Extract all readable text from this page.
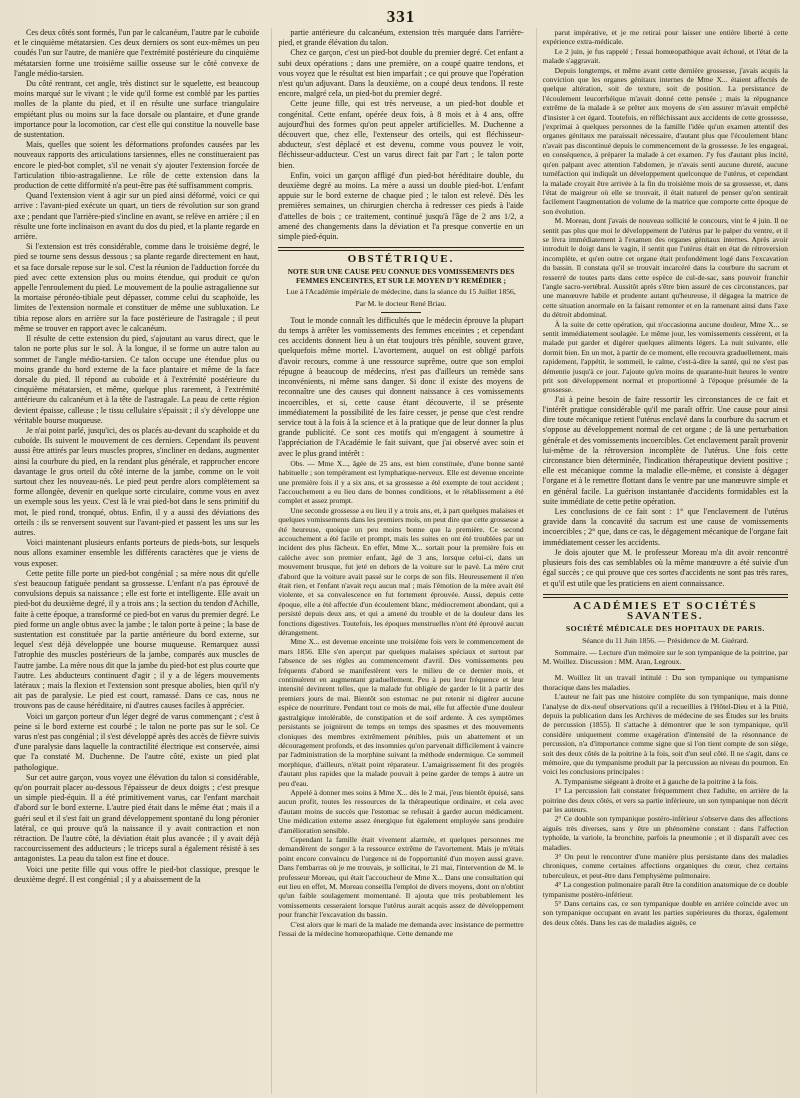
331

Ces deux côtés sont formés, l'un par le calcanéum, l'autre par le cuboïde et le cinquième métatarsien. Ces deux derniers os sont eux-mêmes un peu coudés l'un sur l'autre, de manière que l'extrémité postérieure du cinquième métatarsien forme une troisième saillie osseuse sur le côté convexe de l'angle médio-tarsien.

Du côté rentrant, cet angle, très distinct sur le squelette, est beaucoup moins marqué sur le vivant ; le vide qu'il forme est comblé par les parties molles de la plante du pied, et il en résulte une surface triangulaire empiétant plus ou moins sur la face dorsale ou plantaire, et d'une grande importance pour la locomotion, car c'est elle qui constitue la nouvelle base de sustentation.

Mais, quelles que soient les déformations profondes causées par les nouveaux rapports des articulations tarsiennes, elles ne constitueraient pas encore le pied-bot complet, s'il ne venait s'y ajouter l'extension forcée de l'articulation tibio-astragalienne. Le rôle de cette extension dans la production de cette difformité n'a peut-être pas été suffisamment compris.

Quand l'extension vient à agir sur un pied ainsi déformé, voici ce qui arrive : l'avant-pied exécute un quart, un tiers de révolution sur son grand axe ; pendant que l'arrière-pied s'incline en avant, se relève en arrière ; il en résulte une forte inclinaison en avant du dos du pied, et la plante regarde en arrière.

Si l'extension est très considérable, comme dans le troisième degré, le pied se tourne sens dessus dessous ; sa plante regarde directement en haut, et sa face dorsale repose sur le sol. C'est la réunion de l'adduction forcée du pied avec cette extension plus ou moins étendue, qui produit ce qu'on appelle l'enroulement du pied. Le mouvement de la poulie astragalienne sur la mortaise péronéo-tibiale peut dépasser, comme celui du scaphoïde, les limites de l'extension normale et constituer de même une subluxation. Le tibia repose alors en arrière sur la face postérieure de l'astragale ; il peut même se trouver en rapport avec le calcanéum.

Il résulte de cette extension du pied, s'ajoutant au varus direct, que le talon ne porte plus sur le sol. À la longue, il se forme un autre talon au sommet de l'angle médio-tarsien. Ce talon occupe une étendue plus ou moins grande du bord externe de la face plantaire et même de la face dorsale du pied. Il répond au cuboïde et à l'extrémité postérieure du cinquième métatarsien, et même, quelque plus rarement, à l'extrémité antérieure du calcanéum et à la tête de l'astragale. La peau de cette région devient épaisse, calleuse ; le tissu cellulaire s'épaissit ; il s'y développe une véritable bourse muqueuse.

Je n'ai point parlé, jusqu'ici, des os placés au-devant du scaphoïde et du cuboïde. Ils suivent le mouvement de ces derniers. Cependant ils peuvent aussi être attirés par leurs muscles propres, s'incliner en dedans, augmenter ainsi la courbure du pied, en la rendant plus générale, et rapprocher encore davantage le gros orteil du côté interne de la jambe, comme on le voit surtout chez les nouveau-nés. Le pied peut perdre alors complètement sa forme allongée, devenir en quelque sorte circulaire, comme vous en avez un exemple sous les yeux. C'est là le vrai pied-bot dans le sens primitif du mot, le pied rond, tronqué, obtus. Enfin, il y a aussi des déviations des orteils : ils se renversent souvent sur l'avant-pied et passent les uns sur les autres.

Voici maintenant plusieurs enfants porteurs de pieds-bots, sur lesquels nous allons examiner ensemble les différents caractères que je viens de vous exposer.

Cette petite fille porte un pied-bot congénial ; sa mère nous dit qu'elle s'est beaucoup fatiguée pendant sa grossesse. L'enfant n'a pas éprouvé de convulsions depuis sa naissance ; elle est forte et intelligente. Elle avait un pied-bot du deuxième degré, il y a trois ans ; la section du tendon d'Achille, faite à cette époque, a transformé ce pied-bot en varus du premier degré. Le pied forme un angle obtus avec la jambe ; le talon porte à peine ; la base de sustentation est constituée par la partie antérieure du bord externe, sur lequel s'est déjà développée une bourse muqueuse. Remarquez aussi l'atrophie des muscles postérieurs de la jambe, comparés aux muscles de l'autre jambe. La mère nous dit que la jambe du pied-bot est plus courte que l'autre. Les abducteurs continuent d'agir ; il y a de légers mouvements latéraux ; mais la flexion et l'extension sont presque abolies, bien qu'il n'y ait pas de paralysie. Le pied est court, ramassé. Dans ce cas, nous ne trouvons pas de cause héréditaire, ni d'autres causes faciles à apprécier.

Voici un garçon porteur d'un léger degré de varus commençant ; c'est à peine si le bord externe est courbé ; le talon ne porte pas sur le sol. Ce varus n'est pas congénial ; il s'est développé après des accès de fièvre suivis d'une paralysie dans laquelle la contractilité électrique est conservée, ainsi que l'a constaté M. Duchenne. De l'autre côté, existe un pied plat pathologique.

Sur cet autre garçon, vous voyez une élévation du talon si considérable, qu'on pourrait placer au-dessous l'épaisseur de deux doigts ; c'est presque un simple pied-équin. Il a été primitivement varus, car l'enfant marchait d'abord sur le bord externe. L'autre pied était dans le même état ; mais il a guéri seul et il s'est fait un grand développement spontané du long péronier latéral, ce qui prouve qu'à la naissance il y avait contraction et non rétraction. De l'autre côté, la déviation était plus avancée ; il y avait déjà raccourcissement des adducteurs ; le triceps sural a également résisté à ses antagonistes. La peau du talon est fine et douce.

Voici une petite fille qui vous offre le pied-bot classique, presque le deuxième degré. Il est congénial ; il y a abaissement de la

partie antérieure du calcanéum, extension très marquée dans l'arrière-pied, et grande élévation du talon.

Chez ce garçon, c'est un pied-bot double du premier degré. Cet enfant a subi deux opérations ; dans une première, on a coupé quatre tendons, et vous voyez que le résultat est bien imparfait ; ce qui prouve que l'opération n'est qu'un adjuvant. Dans la deuxième, on a coupé deux tendons. Il reste encore, malgré cela, un pied-bot du premier degré.

Cette jeune fille, qui est très nerveuse, a un pied-bot double et congénital. Cette enfant, opérée deux fois, à 8 mois et à 4 ans, offre aujourd'hui des formes qu'on peut appeler artificielles. M. Duchenne a découvert que, chez elle, l'extenseur des orteils, qui est fléchisseur-abducteur, s'est déplacé et est devenu, comme vous pouvez le voir, fléchisseur-adducteur. C'est un varus direct fait par l'art ; le talon porte bien.

Enfin, voici un garçon affligé d'un pied-bot héréditaire double, du deuxième degré au moins. La mère a aussi un double pied-bot. L'enfant appuie sur le bord externe de chaque pied ; le talon est relevé. Dès les premières semaines, un chirurgien chercha à redresser ces pieds à l'aide d'attelles de bois ; ce traitement, continué jusqu'à l'âge de 2 ans 1/2, a amené des changements dans la déviation et l'a presque convertie en un simple pied-équin.

OBSTÉTRIQUE.
NOTE SUR UNE CAUSE PEU CONNUE DES VOMISSEMENTS DES FEMMES ENCEINTES, ET SUR LE MOYEN D'Y REMÉDIER ;
Lue à l'Académie impériale de médecine, dans la séance du 15 Juillet 1856,
Par M. le docteur René Briau.

Tout le monde connaît les difficultés que le médecin éprouve la plupart du temps à arrêter les vomissements des femmes enceintes ; et cependant ces accidents donnent lieu à un état toujours très pénible, souvent grave, quelquefois même mortel. L'avortement, auquel on est obligé parfois d'avoir recours, comme à une ressource suprême, outre que son emploi répugne à beaucoup de médecins, n'est pas d'ailleurs un remède sans inconvénients, ni même sans danger. Si donc il existe des moyens de reconnaître une des causes qui donnent naissance à ces vomissements incoercibles, et si, cette cause étant découverte, il se présente immédiatement la possibilité de les faire cesser, je pense que c'est rendre service tout à la fois à la science et à la pratique que de leur donner la plus grande publicité. Ce sont ces motifs qui m'engagent à soumettre à l'appréciation de l'Académie le fait suivant, que j'ai observé avec soin et avec le plus grand intérêt :

Obs. — Mme X..., âgée de 25 ans, est bien constituée, d'une bonne santé habituelle ; son tempérament est lymphatique-nerveux. Elle est devenue enceinte une première fois il y a six ans, et sa grossesse a été exempte de tout accident ; l'accouchement a eu lieu dans de bonnes conditions, et le rétablissement a été complet et assez prompt.

Une seconde grossesse a eu lieu il y a trois ans, et, à part quelques malaises et quelques vomissements dans les premiers mois, on peut dire que cette grossesse a été heureuse, quoique un peu moins bonne que la première. Ce second accouchement a été facile et prompt, mais les suites en ont été troublées par un incident des plus fâcheux. En effet, Mme X... sortait pour la première fois en calèche avec son premier enfant, âgé de 3 ans, lorsque celui-ci, dans un mouvement brusque, fut jeté en dehors de la voiture sur le pavé. La mère crut d'abord que la voiture avait passé sur le corps de son fils. Heureusement il n'en était rien, et l'enfant n'avait reçu aucun mal ; mais l'émotion de la mère avait été violente, et sa convalescence en fut fortement éprouvée. Aussi, depuis cette époque, elle a été affectée d'un écoulement blanc, médiocrement abondant, qui a persisté depuis deux ans, et qui a amené du trouble et de la douleur dans les fonctions digestives. Toutefois, les époques menstruelles n'ont été éprouvé aucun dérangement.

Mme X... est devenue enceinte une troisième fois vers le commencement de mars 1856. Elle s'en aperçut par quelques malaises spéciaux et surtout par l'absence de ses règles au commencement d'avril. Des vomissements peu fréquents d'abord se manifestèrent vers le milieu de ce dernier mois, et continuèrent en augmentant graduellement. Peu à peu leur fréquence et leur intensité devinrent telles, que la malade fut obligée de garder le lit à partir des premiers jours de mai. Bientôt son estomac ne put retenir ni digérer aucune espèce de nourriture. Pendant tout ce mois de mai, elle fut affectée d'une douleur gastralgique intolérable, de constipation et de soif ardente. À ces symptômes persistants se joignirent de temps en temps des spasmes et des mouvements cloniques des membres extrêmement pénibles, puis un abattement et un découragement profonds, et des insomnies qu'on parvenait difficilement à vaincre par l'administration de la morphine suivant la méthode endermique. Ce sommeil morphique, d'ailleurs, n'était point réparateur. L'amaigrissement fit des progrès d'autant plus rapides que la malade pouvait à peine garder de temps à autre un peu d'eau.

Appelé à donner mes soins à Mme X... dès le 2 mai, j'eus bientôt épuisé, sans aucun profit, toutes les ressources de la thérapeutique ordinaire, et cela avec d'autant moins de succès que l'estomac se refusait à garder aucun médicament. Une médication externe assez énergique fut également employée sans produire d'amélioration sensible.

Cependant la famille était vivement alarmée, et quelques personnes me demandèrent de songer à la ressource extrême de l'avortement. Mais je m'étais point encore convaincu de l'urgence ni de l'opportunité d'un moyen aussi grave. Dans l'embarras où je me trouvais, je sollicitai, le 21 mai, l'intervention de M. le professeur Moreau, qui était l'accoucheur de Mme X... Dans une consultation qui eut lieu en effet, M. Moreau conseilla l'emploi de divers moyens, dont on n'obtint qu'un faible soulagement momentané. Il ajouta que très probablement les vomissements cesseraient lorsque l'utérus aurait acquis assez de développement pour franchir l'excavation du bassin.

C'est alors que le mari de la malade me demanda avec insistance de permettre l'essai de la médecine homœopathique. Cette demande me

parut impérative, et je me retirai pour laisser une entière liberté à cette expérience extra-médicale.

Le 2 juin, je fus rappelé ; l'essai homœopathique avait échoué, et l'état de la malade s'aggravait.

Depuis longtemps, et même avant cette dernière grossesse, j'avais acquis la conviction que les organes génitaux internes de Mme X... étaient affectés de quelque altération, soit de texture, soit de position. La persistance de l'écoulement leucorrhéique m'avait donné cette pensée ; mais la répugnance extrême de la malade à se prêter aux moyens de s'en assurer m'avait empêché d'insister à cet égard. Toutefois, en réfléchissant aux accidents de cette grossesse, j'exprimai à quelques personnes de la famille l'idée qu'un examen attentif des organes génitaux me paraissait nécessaire, d'autant plus que l'écoulement blanc n'avait pas discontinué depuis le commencement de la grossesse. Je les engageai, en conséquence, à préparer la malade à cet examen. J'y fus d'autant plus incité, qu'en palpant avec attention l'abdomen, je n'avais senti aucune dureté, aucune tuméfaction qui indiquât un développement quelconque de l'utérus, et cependant la malade croyait être arrivée à la fin du troisième mois de sa grossesse, et, dans l'état de maigreur où elle se trouvait, il était naturel de penser qu'on sentirait facilement l'augmentation de volume de la matrice que comporte cette époque de son évolution.

M. Moreau, dont j'avais de nouveau sollicité le concours, vint le 4 juin. Il ne sentit pas plus que moi le développement de l'utérus par le palper du ventre, et il se livra immédiatement à l'examen des organes génitaux internes. Après avoir introduit le doigt dans le vagin, il sentit que l'utérus était en état de rétroversion incomplète, et qu'en outre cet organe était profondément logé dans l'excavation du bassin. Il constata qu'il se trouvait incarcéré dans la courbure du sacrum et resserré de toutes parts dans cette espèce de cul-de-sac, sans pouvoir franchir l'angle sacro-vertébral. Aussitôt après s'être bien assuré de ces circonstances, par une manœuvre habile et prudente autant qu'heureuse, il dégagea la matrice de cette situation anormale en la faisant remonter et en la ramenant ainsi dans l'axe du détroit abdominal.

À la suite de cette opération, qui n'occasionna aucune douleur, Mme X... se sentit immédiatement soulagée. Le même jour, les vomissements cessèrent, et la malade put garder et digérer quelques aliments légers. La nuit suivante, elle dormit bien. En un mot, à partir de ce moment, elle recouvra graduellement, mais rapidement, l'appétit, le sommeil, le calme, c'est-à-dire la santé, qui ne s'est pas démentie jusqu'à ce jour. J'ajoute qu'en moins de quarante-huit heures le ventre prit son développement normal et proportionné à l'époque présumée de la grossesse.

J'ai à peine besoin de faire ressortir les circonstances de ce fait et l'intérêt pratique considérable qu'il me paraît offrir. Une cause pour ainsi dire toute mécanique retient l'utérus enclavé dans la courbure du sacrum et s'oppose au développement normal de cet organe ; de là une perturbation générale et des vomissements incoercibles. Cet enclavement paraît provenir lui-même de la rétroversion incomplète de l'utérus. Une fois cette circonstance bien déterminée, l'indication thérapeutique devient positive ; elle est mécanique comme la maladie elle-même, et consiste à dégager l'organe et à le remettre flottant dans le ventre par une manœuvre simple et en général facile. La guérison instantanée d'accidents formidables est la suite immédiate de cette petite opération.

Les conclusions de ce fait sont : 1° que l'enclavement de l'utérus gravide dans la concavité du sacrum est une cause de vomissements incoercibles ; 2° que, dans ce cas, le dégagement mécanique de l'organe fait immédiatement cesser les accidents.

Je dois ajouter que M. le professeur Moreau m'a dit avoir rencontré plusieurs fois des cas semblables où la même manœuvre a été suivie d'un égal succès ; ce qui prouve que ces sortes d'accidents ne sont pas très rares, et qu'il est utile que les praticiens en aient connaissance.

ACADÉMIES ET SOCIÉTÉS SAVANTES.
SOCIÉTÉ MÉDICALE DES HOPITAUX DE PARIS.
Séance du 11 Juin 1856. — Présidence de M. Guérard.

Sommaire. — Lecture d'un mémoire sur le son tympanique de la poitrine, par M. Woillez. Discussion : MM. Aran, Legroux.

M. Woillez lit un travail intitulé : Du son tympanique ou tympanisme thoracique dans les maladies.

L'auteur ne fait pas une histoire complète du son tympanique, mais donne l'analyse de dix-neuf observations qu'il a recueillies à l'Hôtel-Dieu et à la Pitié, depuis la publication dans les Archives de médecine de ses Études sur les bruits de percussion (1855). Il s'attache à démontrer que le son tympanique, qu'il considère uniquement comme exagération d'intensité de la résonnance de percussion, n'a d'importance comme signe que si l'on tient compte de son siège, soit des deux côtés de la poitrine à la fois, soit d'un seul côté. Il ne s'agit, dans ce mémoire, que du tympanisme produit par la percussion au niveau du poumon. En voici les conclusions principales :

A. Tympanisme siégeant à droite et à gauche de la poitrine à la fois.

1° La percussion fait constater fréquemment chez l'adulte, en arrière de la poitrine des deux côtés, et vers sa partie inférieure, un son tympanique non décrit par les auteurs.

2° Ce double son tympanique postéro-inférieur s'observe dans des affections aiguës très diverses, sans y être un phénomène constant : dans l'affection typhoïde, la variole, la bronchite, parfois la pneumonie ; et il disparaît avec ces maladies.

3° On peut le rencontrer d'une manière plus persistante dans des maladies chroniques, comme certaines affections organiques du cœur, chez certains tuberculeux, et peut-être dans l'emphysème pulmonaire.

4° La congestion pulmonaire paraît être la condition anatomique de ce double tympanisme postéro-inférieur.

5° Dans certains cas, ce son tympanique double en arrière coïncide avec un son tympanique occupant en avant les parties supérieures du thorax, également des deux côtés. Dans les cas de maladies aiguës, ce
